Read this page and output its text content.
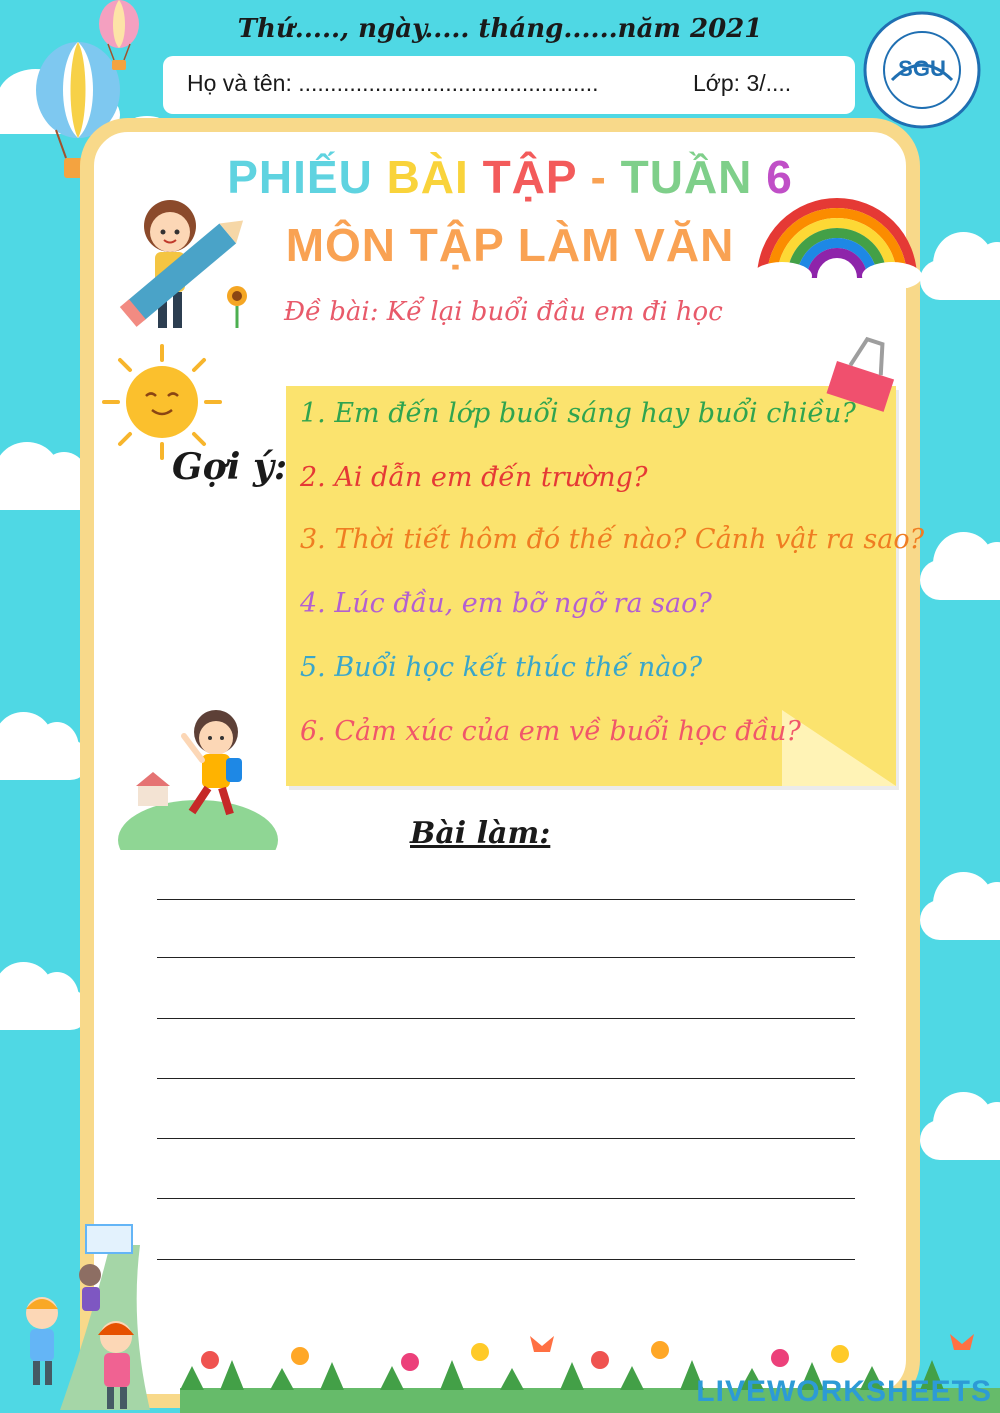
Thứ....., ngày..... tháng......năm 2021
Họ và tên: ...............................................	Lớp: 3/....
SGU
PHIẾU BÀI TẬP - TUẦN 6
MÔN TẬP LÀM VĂN
Đề bài: Kể lại buổi đầu em đi học
Gợi ý:
1. Em đến lớp buổi sáng hay buổi chiều?
2. Ai dẫn em đến trường?
3. Thời tiết hôm đó thế nào? Cảnh vật ra sao?
4. Lúc đầu, em bỡ ngỡ ra sao?
5. Buổi học kết thúc thế nào?
6. Cảm xúc của em về buổi học đầu?
Bài làm:
LIVEWORKSHEETS
